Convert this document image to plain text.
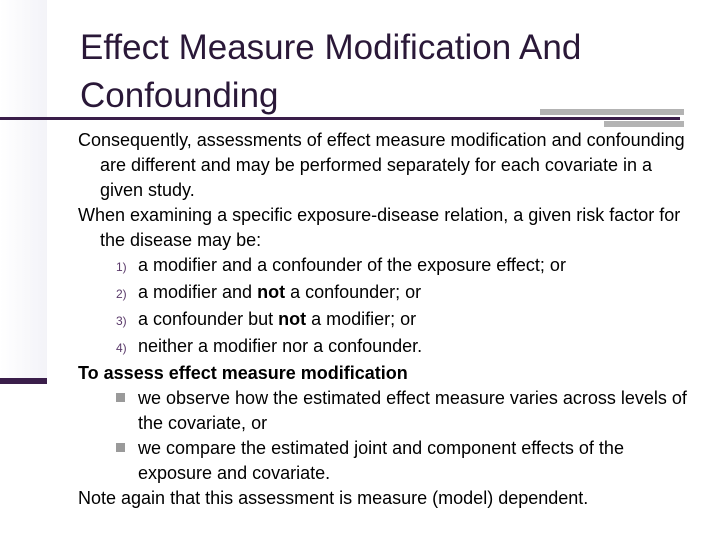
Effect Measure Modification And Confounding

Consequently, assessments of effect measure modification and confounding are different and may be performed separately for each covariate in a given study.

When examining a specific exposure-disease relation, a given risk factor for the disease may be:

1) a modifier and a confounder of the exposure effect; or

2) a modifier and not a confounder; or

3) a confounder but not a modifier; or

4) neither a modifier nor a confounder.

To assess effect measure modification

we observe how the estimated effect measure varies across levels of the covariate, or

we compare the estimated joint and component effects of the exposure and covariate.

Note again that this assessment is measure (model) dependent.
